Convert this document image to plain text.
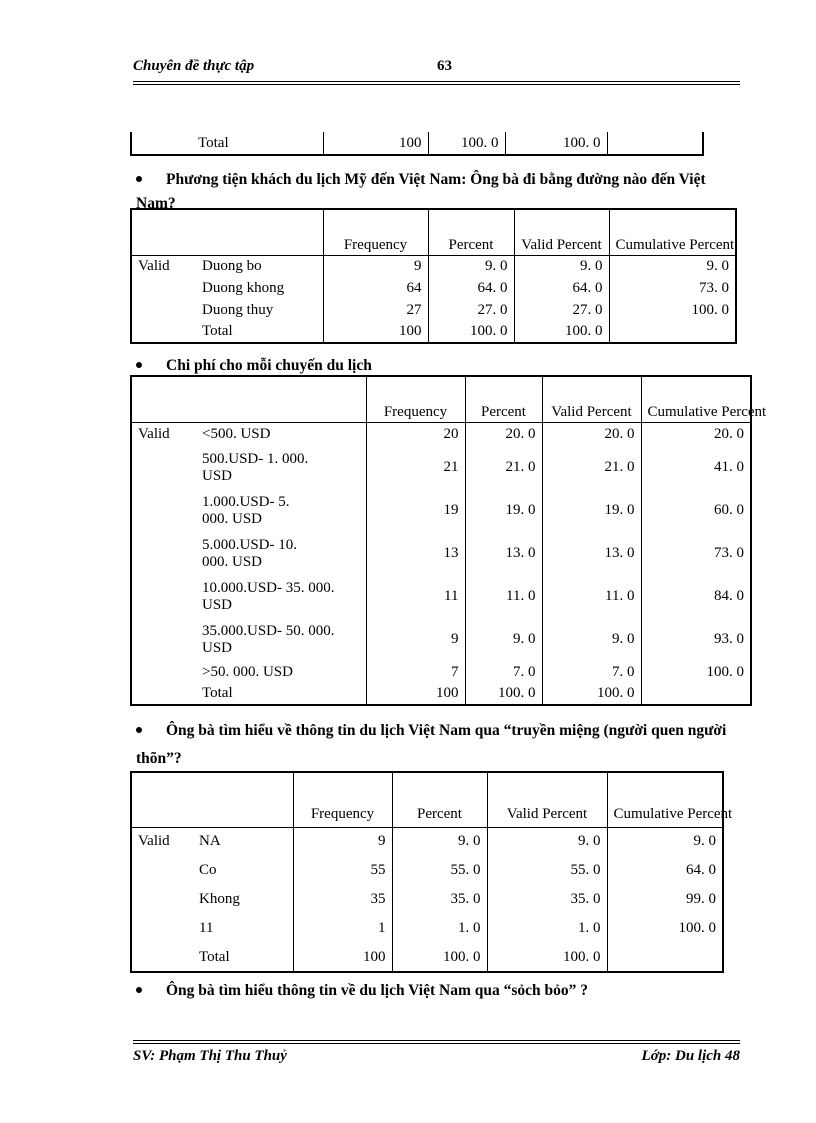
Chuyên đề thực tập	63
Total	100	100. 0	100. 0	
Phương tiện khách du lịch Mỹ đến Việt Nam: Ông bà đi bằng đường nào đến Việt Nam?
		Frequency	Percent	Valid Percent	Cumulative Percent
Valid	Duong bo	9	9. 0	9. 0	9. 0
	Duong khong	64	64. 0	64. 0	73. 0
	Duong thuy	27	27. 0	27. 0	100. 0
	Total	100	100. 0	100. 0	
Chi phí cho mỗi chuyến du lịch
		Frequency	Percent	Valid Percent	Cumulative Percent
Valid	<500. USD	20	20. 0	20. 0	20. 0
	500.USD- 1. 000. USD	21	21. 0	21. 0	41. 0
	1.000.USD- 5. 000. USD	19	19. 0	19. 0	60. 0
	5.000.USD- 10. 000. USD	13	13. 0	13. 0	73. 0
	10.000.USD- 35. 000. USD	11	11. 0	11. 0	84. 0
	35.000.USD- 50. 000. USD	9	9. 0	9. 0	93. 0
	>50. 000. USD	7	7. 0	7. 0	100. 0
	Total	100	100. 0	100. 0	
Ông bà tìm hiểu về thông tin du lịch Việt Nam qua “truyền miệng (người quen người thõn”?
		Frequency	Percent	Valid Percent	Cumulative Percent
Valid	NA	9	9. 0	9. 0	9. 0
	Co	55	55. 0	55. 0	64. 0
	Khong	35	35. 0	35. 0	99. 0
	11	1	1. 0	1. 0	100. 0
	Total	100	100. 0	100. 0	
Ông bà tìm hiểu thông tin về du lịch Việt Nam qua “sỏch bỏo” ?
SV: Phạm Thị Thu Thuỷ	Lớp: Du lịch 48
